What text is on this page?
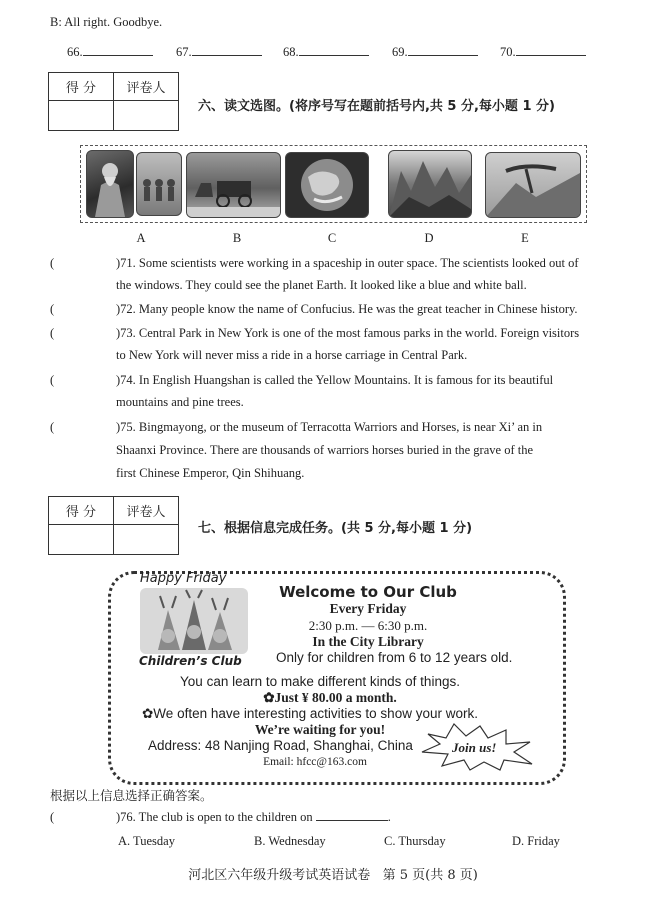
B: All right. Goodbye.
66.	67.	68.	69.	70.
得 分	评卷人

六、读文选图。(将序号写在题前括号内,共 5 分,每小题 1 分)
A	B	C	D	E
(	)71. Some scientists were working in a spaceship in outer space. The scientists looked out of
the windows. They could see the planet Earth. It looked like a blue and white ball.
(	)72. Many people know the name of Confucius. He was the great teacher in Chinese history.
(	)73. Central Park in New York is one of the most famous parks in the world. Foreign visitors
to New York will never miss a ride in a horse carriage in Central Park.
(	)74. In English Huangshan is called the Yellow Mountains. It is famous for its beautiful
mountains and pine trees.
(	)75. Bingmayong, or the museum of Terracotta Warriors and Horses, is near Xi’ an in
Shaanxi Province. There are thousands of warriors horses buried in the grave of the
first Chinese Emperor, Qin Shihuang.
得 分	评卷人

七、根据信息完成任务。(共 5 分,每小题 1 分)
Happy Friday
Children’s Club
Welcome to Our Club
Every Friday
2:30 p.m. — 6:30 p.m.
In the City Library
Only for children from 6 to 12 years old.
You can learn to make different kinds of things.
✿Just ¥ 80.00 a month.
✿We often have interesting activities to show your work.
We’re waiting for you!
Address: 48 Nanjing Road, Shanghai, China
Email: hfcc@163.com
Join us!
根据以上信息选择正确答案。
(	)76. The club is open to the children on	.
A. Tuesday	B. Wednesday	C. Thursday	D. Friday
河北区六年级升级考试英语试卷   第 5 页(共 8 页)
